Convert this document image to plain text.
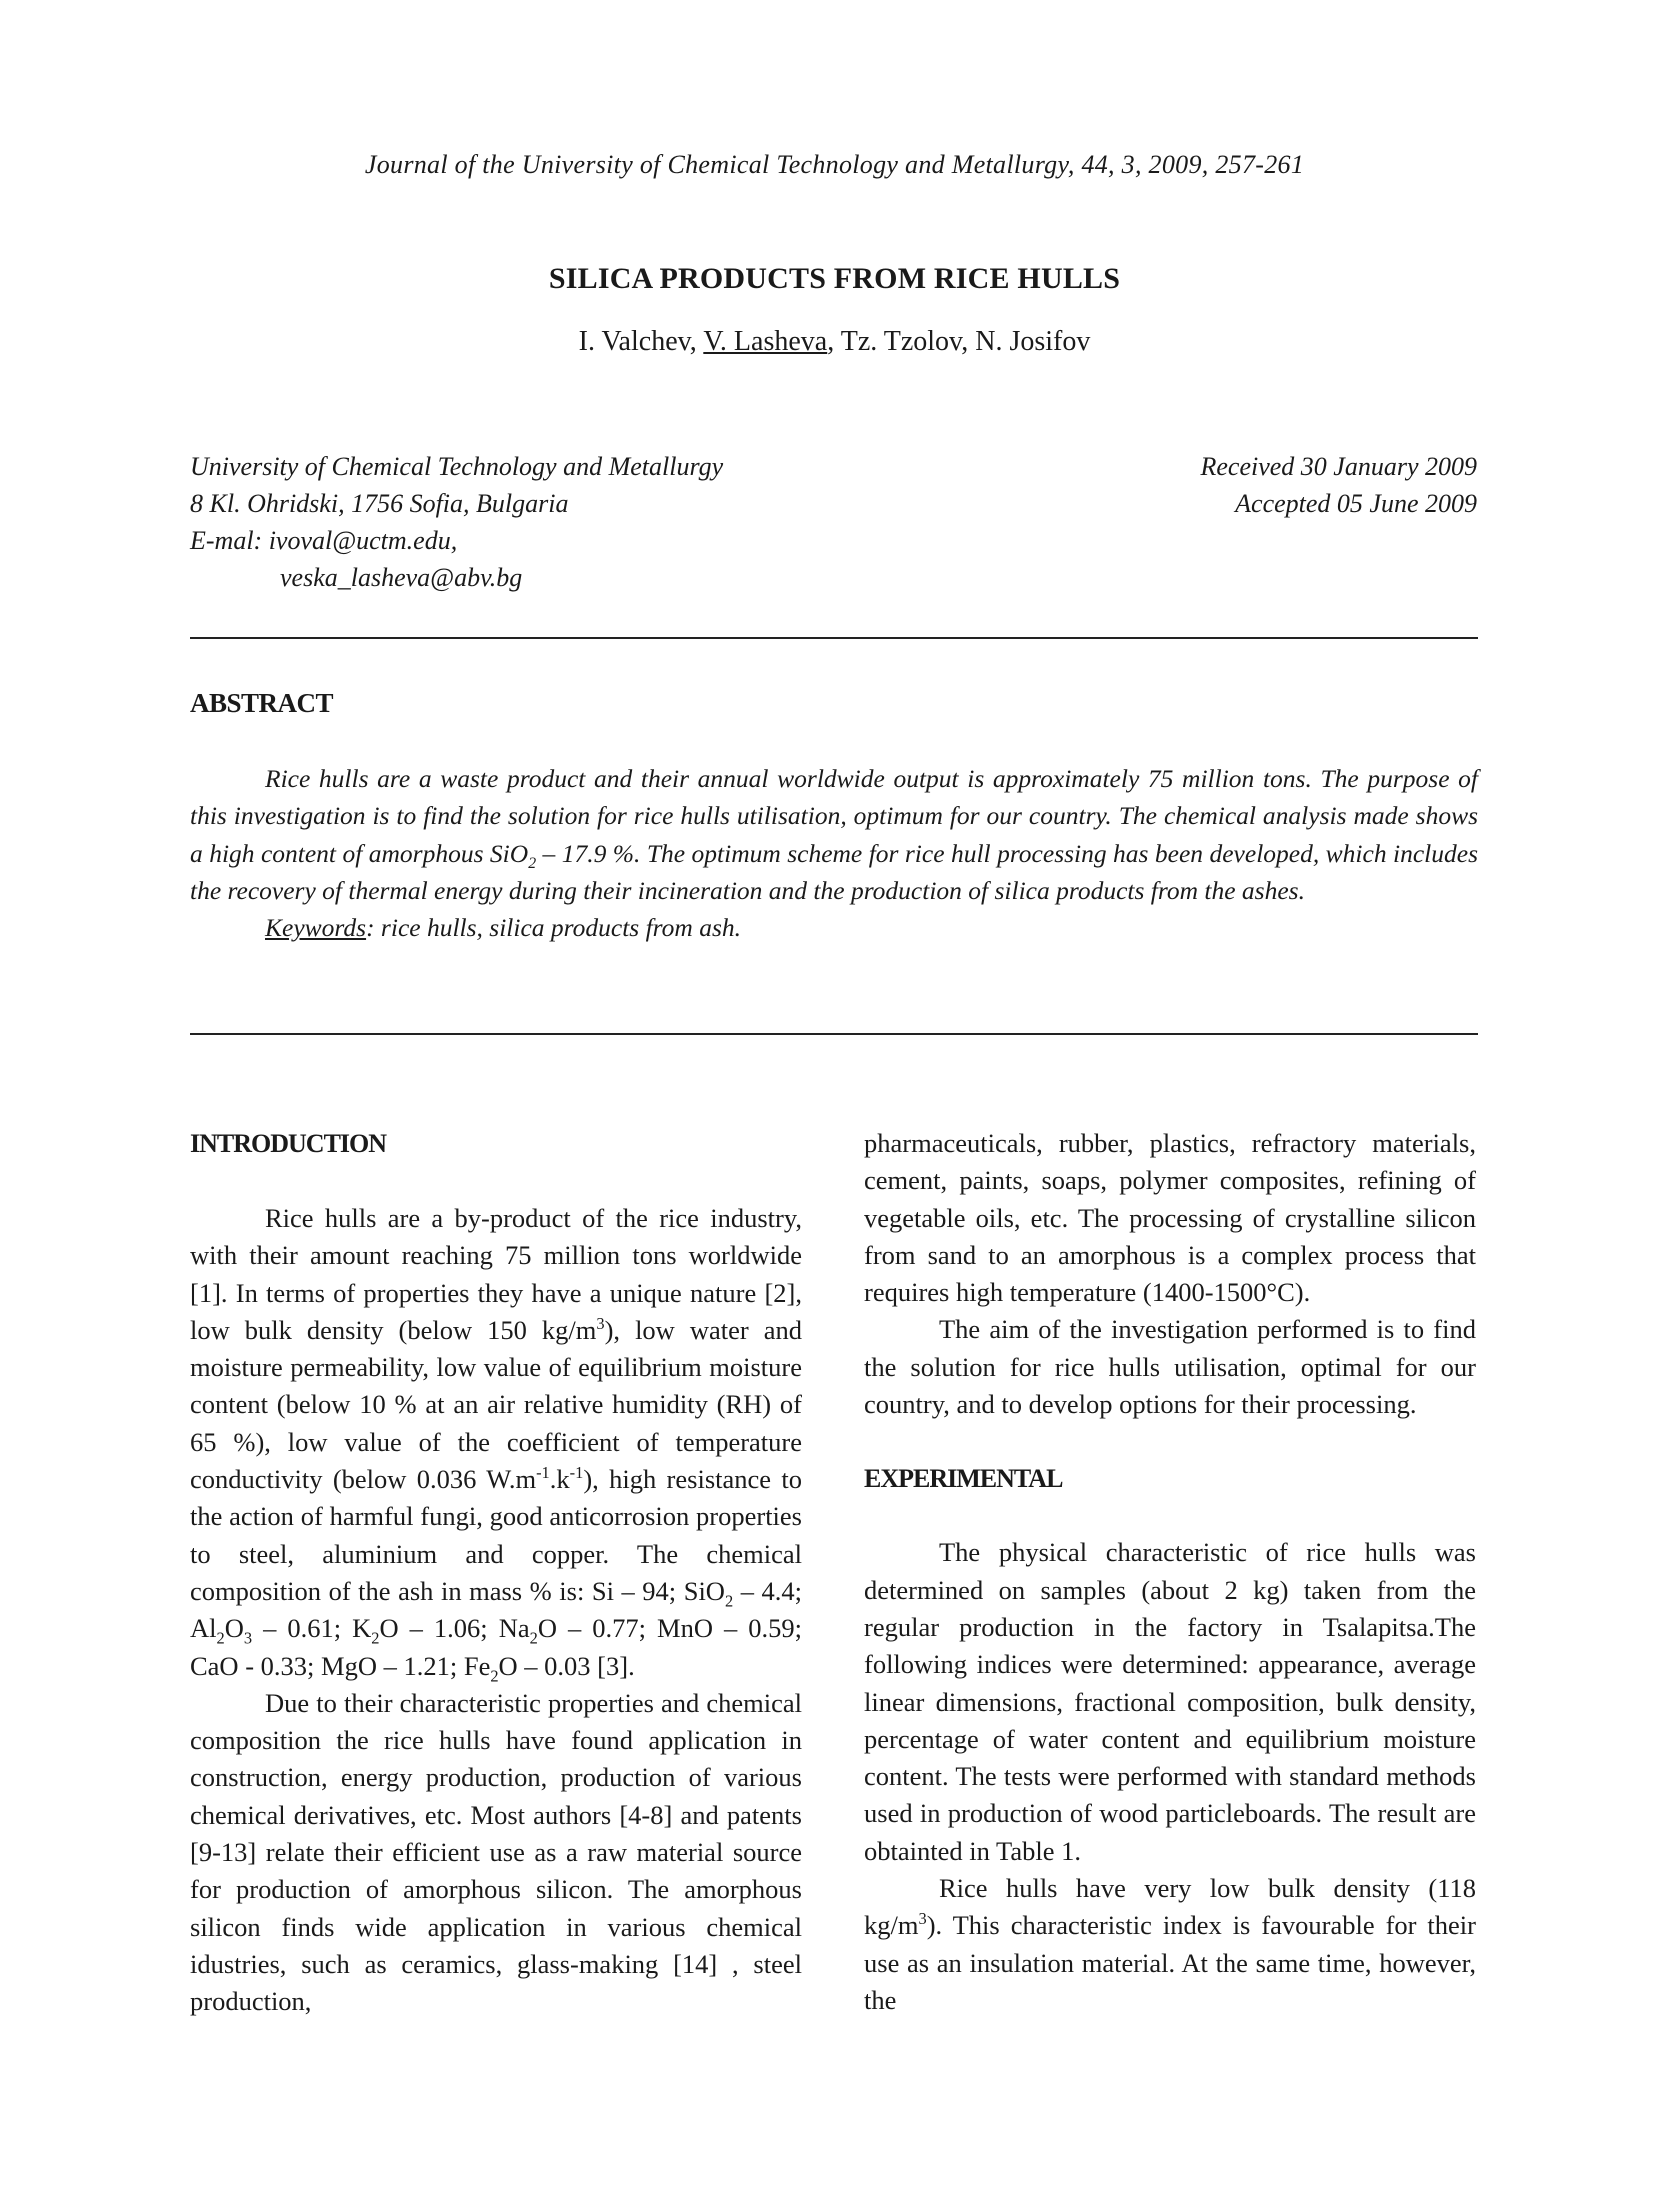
Journal of the University of Chemical Technology and Metallurgy, 44, 3, 2009, 257-261
SILICA PRODUCTS FROM RICE HULLS
I. Valchev, V. Lasheva, Tz. Tzolov, N. Josifov
University of Chemical Technology and Metallurgy
8 Kl. Ohridski, 1756 Sofia, Bulgaria
E-mal: ivoval@uctm.edu,
veska_lasheva@abv.bg
Received 30 January 2009
Accepted 05 June 2009
ABSTRACT

Rice hulls are a waste product and their annual worldwide output is approximately 75 million tons. The purpose of this investigation is to find the solution for rice hulls utilisation, optimum for our country. The chemical analysis made shows a high content of amorphous SiO$_2$ – 17.9 %. The optimum scheme for rice hull processing has been developed, which includes the recovery of thermal energy during their incineration and the production of silica products from the ashes.

Keywords: rice hulls, silica products from ash.

INTRODUCTION

Rice hulls are a by-product of the rice industry, with their amount reaching 75 million tons worldwide [1]. In terms of properties they have a unique nature [2], low bulk density (below 150 $kg/m^3$), low water and moisture permeability, low value of equilibrium moisture content (below 10 % at an air relative humidity (RH) of 65 %), low value of the coefficient of temperature conductivity (below 0.036 $W.m^{-1}.k^{-1}$), high resistance to the action of harmful fungi, good anticorrosion properties to steel, aluminium and copper. The chemical composition of the ash in mass % is: Si – 94; SiO$_2$ – 4.4; $Al_2O_3 - 0.61$; $K_2O - 1.06$; $Na_2O - 0.77$; MnO – 0.59; CaO - 0.33; MgO – 1.21; $Fe_2O - 0.03$ [3].

Due to their characteristic properties and chemical composition the rice hulls have found application in construction, energy production, production of various chemical derivatives, etc. Most authors [4-8] and patents [9-13] relate their efficient use as a raw material source for production of amorphous silicon. The amorphous silicon finds wide application in various chemical idustries, such as ceramics, glass-making [14] , steel production,

pharmaceuticals, rubber, plastics, refractory materials, cement, paints, soaps, polymer composites, refining of vegetable oils, etc. The processing of crystalline silicon from sand to an amorphous is a complex process that requires high temperature (1400-1500°C).

The aim of the investigation performed is to find the solution for rice hulls utilisation, optimal for our country, and to develop options for their processing.

EXPERIMENTAL

The physical characteristic of rice hulls was determined on samples (about 2 kg) taken from the regular production in the factory in Tsalapitsa.The following indices were determined: appearance, average linear dimensions, fractional composition, bulk density, percentage of water content and equilibrium moisture content. The tests were performed with standard methods used in production of wood particleboards. The result are obtainted in Table 1.

Rice hulls have very low bulk density (118 $kg/m^3$). This characteristic index is favourable for their use as an insulation material. At the same time, however, the
